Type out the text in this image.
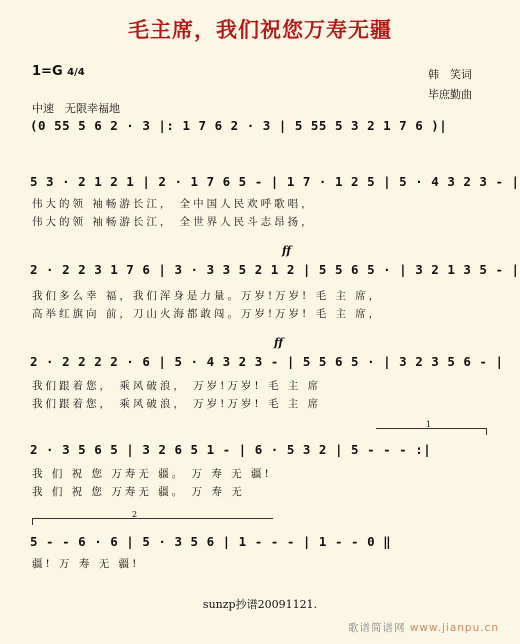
毛主席，我们祝您万寿无疆
1=G 4/4	韩　笑词
毕庶勤曲
中速　无限幸福地
(0 55 5 6 2 · 3 |: 1 7 6 2 · 3 | 5 55 5 3 2 1 7 6 )|
5 3 · 2 1 2 1 | 2 · 1 7 6 5 - | 1 7 · 1 2 5 | 5 · 4 3 2 3 - |
伟大的领 袖畅游长江， 全中国人民欢呼歌唱，
伟大的领 袖畅游长江， 全世界人民斗志昂扬，
ff
2 · 2 2 3 1 7 6 | 3 · 3 3 5 2 1 2 | 5 5 6 5 · | 3 2 1 3 5 - |
我们多么幸 福，我们浑身是力量。万岁!万岁! 毛 主 席，
高举红旗向 前，刀山火海都敢闯。万岁!万岁! 毛 主 席，
ff
2 · 2 2 2 2 · 6 | 5 · 4 3 2 3 - | 5 5 6 5 · | 3 2 3 5 6 - |
我们跟着您， 乘风破浪， 万岁!万岁! 毛 主 席
我们跟着您， 乘风破浪， 万岁!万岁! 毛 主 席
1
2 · 3 5 6 5 | 3 2 6 5 1 - | 6 · 5 3 2 | 5 - - - :|
我 们 祝 您 万寿无 疆。 万 寿 无 疆!
我 们 祝 您 万寿无 疆。 万 寿 无
2
5 - - 6 · 6 | 5 · 3 5 6 | 1 - - - | 1 - - 0 ‖
疆! 万 寿 无 疆!
sunzp抄谱20091121.
歌谱简谱网 www.jianpu.cn
